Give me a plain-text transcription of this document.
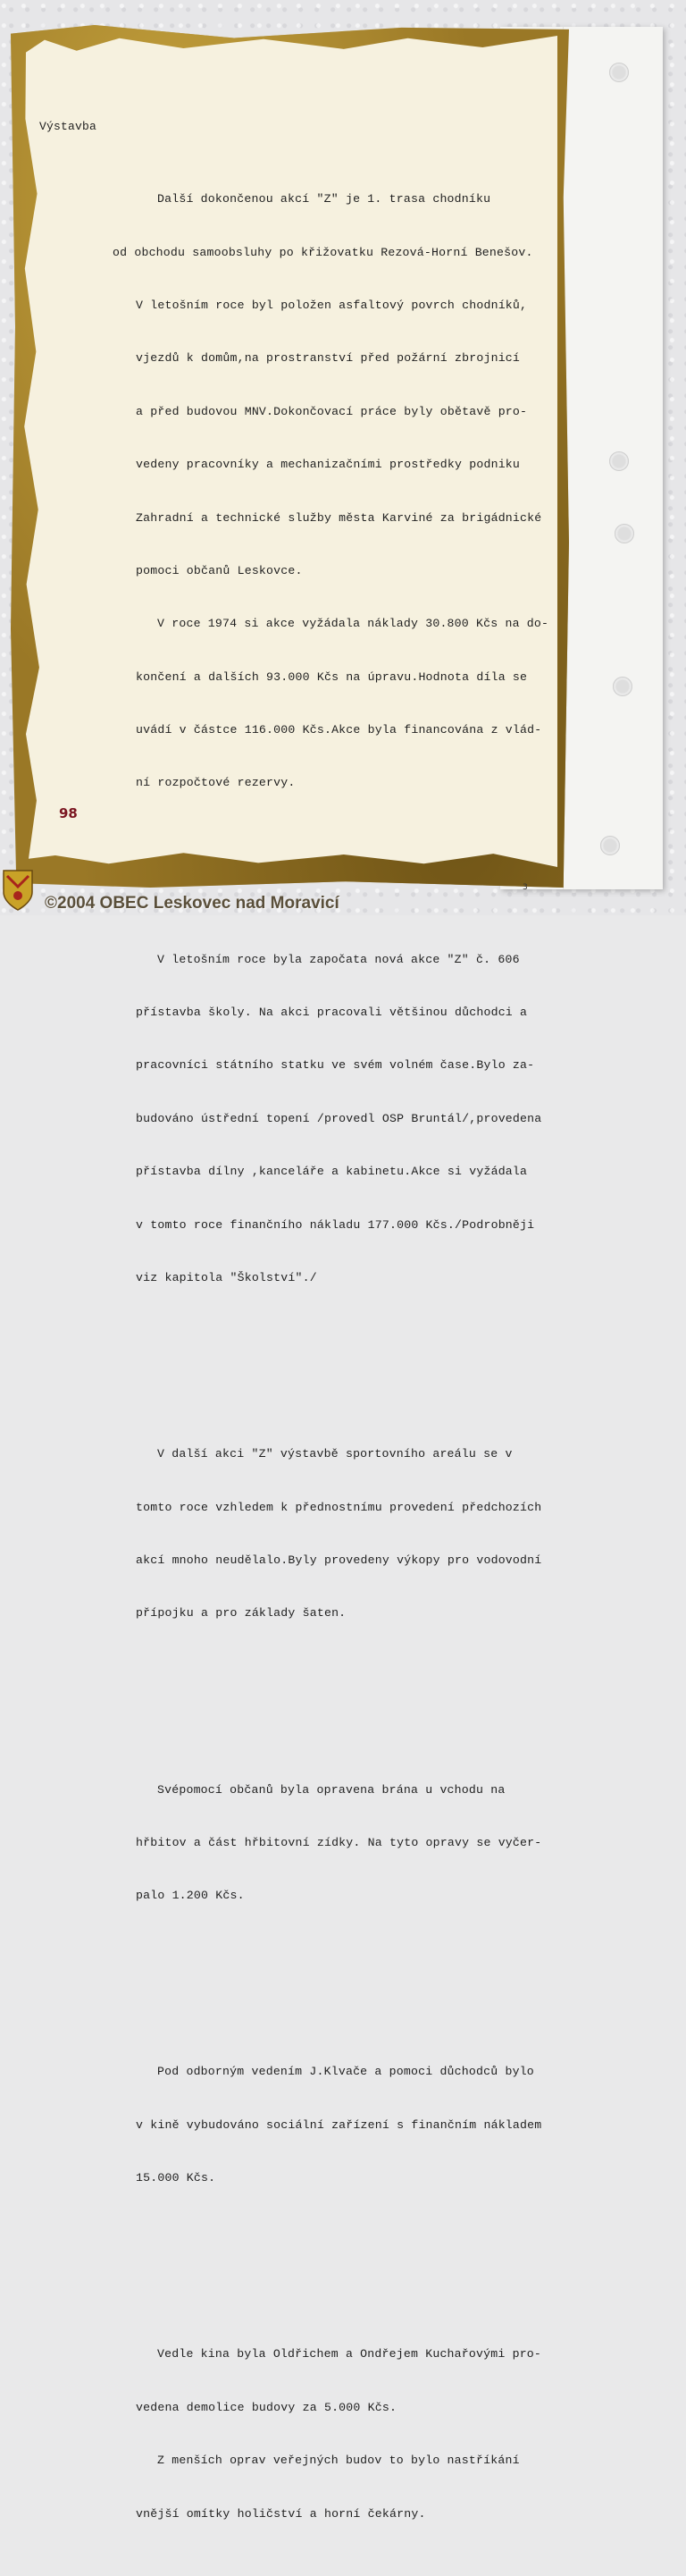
Výstavba

Další dokončenou akcí "Z" je 1. trasa chodníku

od obchodu samoobsluhy po křižovatku Rezová-Horní Benešov.

V letošním roce byl položen asfaltový povrch chodníků,

vjezdů k domům,na prostranství před požární zbrojnicí

a před budovou MNV.Dokončovací práce byly obětavě pro-

vedeny pracovníky a mechanizačními prostředky podniku

Zahradní a technické služby města Karviné za brigádnické

pomoci občanů Leskovce.

V roce 1974 si akce vyžádala náklady 30.800 Kčs na do-

končení a dalších 93.000 Kčs na úpravu.Hodnota díla se

uvádí v částce 116.000 Kčs.Akce byla financována z vlád-

ní rozpočtové rezervy.

V letošním roce byla započata nová akce "Z" č. 606

přístavba školy. Na akci pracovali většinou důchodci a

pracovníci státního statku ve svém volném čase.Bylo za-

budováno ústřední topení /provedl OSP Bruntál/,provedena

přístavba dílny ,kanceláře a kabinetu.Akce si vyžádala

v tomto roce finančního nákladu 177.000 Kčs./Podrobněji

viz kapitola "Školství"./

V další akci "Z" výstavbě sportovního areálu se v

tomto roce vzhledem k přednostnímu provedení předchozích

akcí mnoho neudělalo.Byly provedeny výkopy pro vodovodní

přípojku a pro základy šaten.

Svépomocí občanů byla opravena brána u vchodu na

hřbitov a část hřbitovní zídky. Na tyto opravy se vyčer-

palo 1.200 Kčs.

Pod odborným vedením J.Klvače a pomoci důchodců bylo

v kině vybudováno sociální zařízení s finančním nákladem

15.000 Kčs.

Vedle kina byla Oldřichem a Ondřejem Kuchařovými pro-

vedena demolice budovy za 5.000 Kčs.

Z menších oprav veřejných budov to bylo nastříkání

vnější omítky holičství a horní čekárny.

98
3
©2004 OBEC Leskovec nad Moravicí
